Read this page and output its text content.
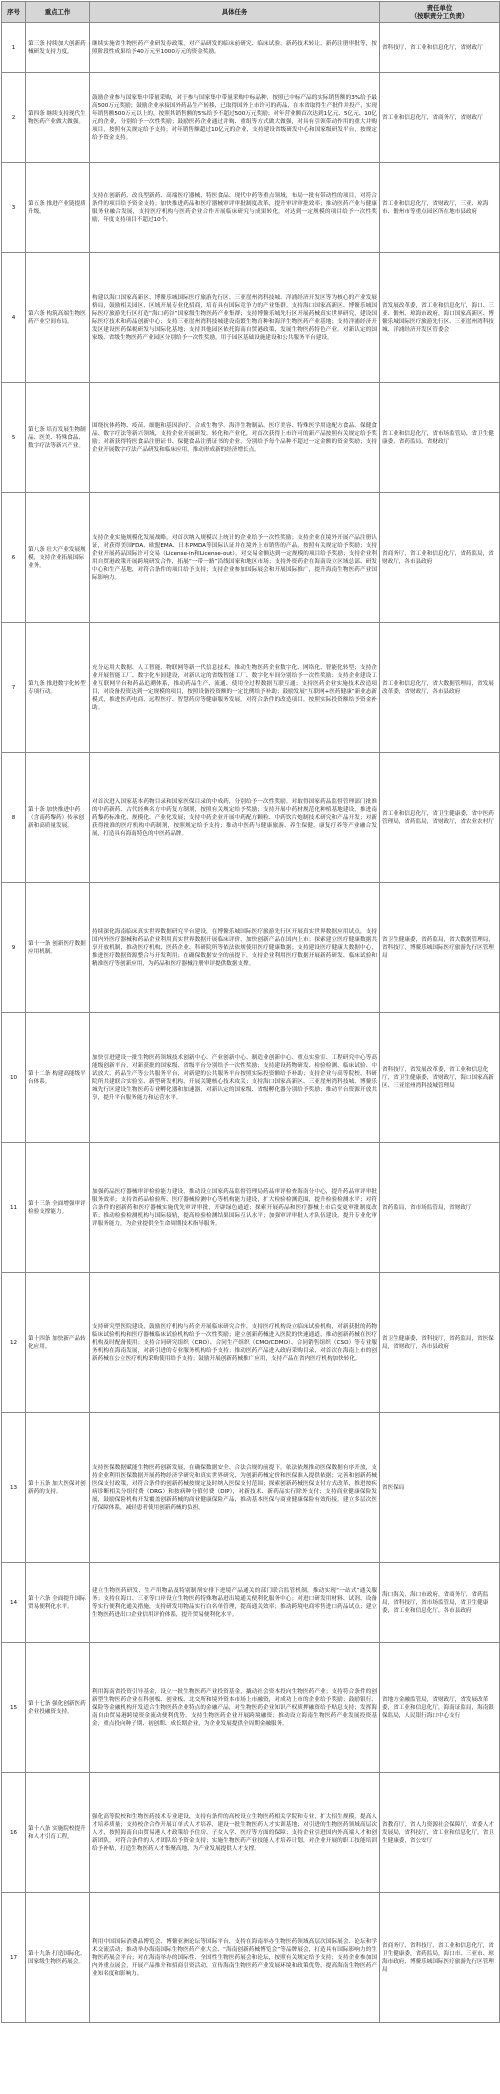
序号	重点工作	具体任务	责任单位
（按职责分工负责）

1	第三条 持续加大创新药械研发支持力度。	继续实施省生物医药产业研发券政策，对产品研发的临床前研究、临床试验、新药技术转让、新药注册审批等，按照阶段性成果给予40万元至1000万元的资金奖励。	省科技厅，省工业和信息化厅，省财政厅
2	第四条 继续支持现代生物医药产业做大做强。	鼓励企业参与国家集中带量采购，对于参与国家集中带量采购中标品种，按照已中标产品的实际销售额的3%给予最高500万元奖励；鼓励企业承接国外药品生产转移，已取得国外上市许可的药品，在本省取得生产批件并投产，实现年销售额500万元以上的，按照其销售额的5%给予不超过500万元奖励；对年营业额首次达到1亿元、5亿元、10亿元的企业，分别给予一次性奖励；鼓励医药企业通过并购、重组等方式做大做强，对具有引领带动作用的重大并购项目，按照有关规定给予支持；对年销售额超过10亿元的企业，支持建设省级研发中心和国家级研发平台，按规定给予资金支持。	省工业和信息化厅，省商务厅，省财政厅
3	第五条 推进产业链提质升级。	支持在创新药、改良型新药、高端医疗器械、特医食品、现代中药等重点领域，布局一批有带动性的项目，对符合条件的项目给予资金支持；加快推进药品和医疗器械审评审批制度改革，提升审评审批效率；推动医药产业与健康服务业融合发展，支持医疗机构与医药企业合作开展临床研究与成果转化。对达到一定规模的项目给予一次性奖励，年度支持项目不超过10个。	省工业和信息化厅，省财政厅，三亚、琼海市、儋州市等重点园区所在地市县政府
4	第六条 构筑高端生物医药产业空间布局。	构建以海口国家高新区、博鳌乐城国际医疗旅游先行区、三亚崖州湾科技城、洋浦经济开发区等为核心的产业发展格局，鼓励相关园区、区域开展专业化招商，培育具有国际竞争力的产业集群。支持海口国家高新区、博鳌乐城国际医疗旅游先行区打造“海口药谷”国家级生物医药产业集群；支持博鳌乐城先行区开展药械真实世界研究，建设国际医疗技术和药品创新中心；支持三亚崖州湾科技城建设南繁生物育种和海洋生物医药产业基地；支持洋浦经济开发区建设医药保税研发与国际化基地；支持其他园区依托海南自贸港政策，发展生物医药特色产业。对新认定的国家级、省级生物医药产业园区分别给予一次性奖励，用于园区基础设施建设和公共服务平台建设。	省发展改革委，省工业和信息化厅，海口、三亚、儋州、琼海市政府，海口国家高新区、博鳌乐城国际医疗旅游先行区、三亚崖州湾科技城、洋浦经济开发区管委会
5	第七条 培育发展生物制品、医美、特殊食品、数字疗法等新兴产业。	围绕抗体药物、疫苗、细胞和基因治疗、合成生物学、海洋生物制品、医疗美容、特殊医学用途配方食品、保健食品、数字疗法等新兴领域，支持企业开展研发、转化和产业化，对首次获得上市许可的新产品按照有关规定给予奖励；对新获得特医食品注册证书、保健食品注册证书的企业，分别给予每个品种不超过一定金额的资金奖励；支持企业开展数字疗法产品研发和临床应用，推动形成新的经济增长点。	省工业和信息化厅，省市场监管局，省卫生健康委，省药监局，省财政厅
6	第八条 壮大产业发展规模，支持企业拓展国际业务。	支持企业实施规模化发展战略，对首次纳入规模以上统计的企业给予一次性奖励；支持企业在境外开展产品注册认证，对获得美国FDA、欧盟EMA、日本PMDA等国际认证并在境外上市销售的产品，按照有关规定给予奖励；支持企业开展药品国际许可交易（License-in和License-out），对交易金额达到一定规模的项目给予奖励；支持企业利用自贸港政策开展跨境研发合作，拓展“一带一路”沿线国家和地区市场；支持外资药企在海南设立区域总部、研发中心和生产基地，对符合条件的项目给予支持；支持企业参加国际展会和开展国际推广，提升海南生物医药产业国际影响力。	省商务厅，省工业和信息化厅，省药监局，省财政厅，各市县政府
7	第九条 推进数字化转型专项行动。	充分运用大数据、人工智能、物联网等新一代信息技术，推动生物医药企业数字化、网络化、智能化转型；支持企业开展智能工厂、数字化车间建设，对新认定的省级智能工厂、数字化车间分别给予一次性奖励；支持企业建设工业互联网平台和药品追溯体系，推动药品生产、流通、使用全过程数据互联互通；支持医药企业实施技术改造项目，对设备投资达到一定规模的项目，按照设备投资额的一定比例给予补助；鼓励发展“互联网+医药健康”新业态新模式，推进医药电商、远程医疗、智慧药房等健康服务发展。对符合条件的改造项目，按照实际投资额给予资金补助。	省工业和信息化厅，省大数据管理局，省发展改革委，省财政厅，各市县政府
8	第十条 加快推进中药（含南药黎药）传承创新和高质量发展。	对首次进入国家基本药物目录和国家医保目录的中成药，分别给予一次性奖励。对取得国家药品监督管理部门批准的中药新药、古代经典名方中药复方制剂，按照有关规定给予奖励；支持开展中药材规范化种植基地建设，推进南药黎药标准化、规模化、产业化发展；支持中药企业开展中药配方颗粒、中药饮片炮制技术研究和产品开发；对新获得批准的医疗机构中药制剂，按照规定给予支持；推动中医药与健康旅游、养生保健、康复疗养等产业融合发展，打造具有海南特色的中医药品牌。	省工业和信息化厅，省卫生健康委，省中医药管理局，省药监局，省财政厅，省农业农村厅
9	第十一条 创新医疗数据应用机制。	持续深化海南临床真实世界数据研究平台建设，在博鳌乐城国际医疗旅游先行区开展真实世界数据应用试点，支持国内外医疗器械和药品企业利用真实世界数据开展临床评价，加快创新产品在国内上市；探索建立医疗健康数据共享开放机制，推动医疗机构、医药企业、科研院所等依法依规使用医疗健康数据；支持建设医疗健康大数据中心，推进医疗数据资源整合与开发利用；在确保数据安全的前提下，支持企业利用医疗数据开展新药研发、临床试验和精准医疗等创新应用，为药品和医疗器械注册审评提供数据支撑。	省卫生健康委，省药监局，省大数据管理局，省科技厅，博鳌乐城国际医疗旅游先行区管理局
10	第十二条 构建高能级平台体系。	加快引进建设一批生物医药领域技术创新中心、产业创新中心、制造业创新中心、重点实验室、工程研究中心等高能级创新平台，对新获批的国家级、省级平台分别给予一次性奖励；支持建设药物研发、检验检测、临床试验、中试放大、药品生产等公共服务平台，对新建的公共服务平台按照实际投资额给予补助；支持企业与高等院校、科研院所共建联合实验室、新型研发机构，开展关键核心技术攻关；支持海口国家高新区、三亚崖州湾科技城、博鳌乐城先行区建设生物医药专业孵化器和加速器，对新认定的国家级、省级孵化器分别给予奖励；推动平台资源开放共享，提升平台服务能力和运营水平。	省科技厅，省发展改革委，省工业和信息化厅，省卫生健康委，省财政厅，海口国家高新区、三亚崖州湾科技城管理局
11	第十三条 全面增强审评检验支撑能力。	加强药品医疗器械审评检验能力建设，推动设立国家药品监督管理局药品审评检查海南分中心，提升药品审评审批服务效率；支持省药品检验所、医疗器械检测中心等机构能力建设，扩大检验检测范围，提升检验检测水平；对符合条件的创新药和医疗器械实施优先审评审批，开辟绿色通道；探索开展药品和医疗器械上市后变更审批制度改革；推动检验检测机构与国际接轨，提高检验检测结果国际互认水平；加强审评审批人才队伍建设，提升专业化审评服务能力，为企业提供全生命周期技术指导服务。	省药监局，省市场监管局，省财政厅
12	第十四条 加快新产品转化应用。	支持研究型医院建设，鼓励医疗机构与药企开展临床研究合作，支持医疗机构设立临床试验机构，对新获批的药物临床试验机构和医疗器械临床试验机构给予一次性奖励；建立创新药械进入医院的快速通道，推动创新药械在医疗机构及时配备使用；支持合同研究组织（CRO）、合同生产组织（CMO/CDMO）、合同销售组织（CSO）等专业服务机构在海南发展，对新引进的专业服务机构给予支持；推动医药产品进入政府采购目录，对首次在海南上市的创新药械在公立医疗机构采购使用给予支持；鼓励开展创新药械推广应用，支持产品在省内医疗机构加快转化。	省卫生健康委，省科技厅，省药监局，省医保局，省财政厅，各市县政府
13	第十五条 加大医保对创新药的支持。	支持医保数据赋能生物医药创新发展，在确保数据安全、合法合规的前提下，依法依规推动医保数据有序开放，支持企业利用医保数据开展药物经济学研究和真实世界研究，为创新药械定价和医保准入提供依据；完善和创新药械医保支付政策，对符合条件的创新药械按规定及时纳入医保支付范围；探索创新药械医保支付方式改革，推进按疾病诊断相关分组付费（DRG）和按病种分值付费（DIP），对新技术、新药品实行除外支付；支持商业健康保险发展，鼓励保险机构开发覆盖创新药械的商业健康保险产品，推动基本医保与商业健康保险有效衔接，建立多层次医疗保障体系，减轻患者使用创新药械的负担。	省医保局
14	第十六条 全面提升国际贸易便利化水平。	建立生物医药研发、生产用物品及特别制剂安排下进境产品通关的部门联合监管机制，推动实现“一站式”通关服务；支持在海口、三亚等口岸设立生物医药特殊物品进出境通关便利化服务中心；对进口研发用材料、试剂、设备等实行便利化通关措施，支持研发用物品实行白名单管理，提高通关效率；推动跨境电商零售进口药品试点；建立生物医药进出口企业信用评价体系，提升贸易便利化水平。	海口海关，海口市政府，省商务厅，省药监局，省科技厅，省市场监管局，省卫生健康委，省工业和信息化厅，各市县政府
15	第十七条 强化创新医药企业投融资支持。	利用海南省投资引导基金，设立一批生物医药产业投资基金，撬动社会资本投向生物医药产业；支持符合条件的创新型生物医药企业在科创板、创业板、北交所和境外资本市场上市融资，对成功上市的企业给予奖励；鼓励银行、保险等金融机构开发适合生物医药企业特点的金融产品，对生物医药企业知识产权质押融资给予贴息支持；发挥海南自由贸易港跨境资金流动便利优势，支持生物医药企业开展跨境融资；推动设立海南生物医药产业发展投资基金，重点投向种子期、初创期、成长期企业，为企业发展提供全周期金融服务。	省地方金融监管局，省财政厅，省发展改革委，省工业和信息化厅，海南证监局，海南银保监局，人民银行海口中心支行
16	第十八条 实施院校提升和人才引育工程。	强化高等院校和生物医药技术专业建设，支持有条件的高校设立生物医药相关学院和专业，扩大招生规模，提高人才培养质量；支持校企合作开展订单式人才培养，建设一批生物医药人才实训基地；对引进的生物医药领域高层次人才，按照海南自由贸易港人才政策给予住房、子女入学、医疗等方面的保障；支持企业引进国内外高端人才和创新团队，对符合条件的人才团队给予资金支持；实施生物医药产业技能人才培养计划，对企业开展的职工技能培训给予补贴，打造生物医药人才集聚高地，为产业发展提供人才支撑。	省教育厅，省人力资源社会保障厅，省委人才发展局，省科技厅，省工业和信息化厅，省卫生健康委，省公安厅
17	第十九条 打造国际化、国家级生物医药展会。	利用中国国际消费品博览会、博鳌亚洲论坛等国际平台，支持在海南举办生物医药领域高层次国际展会、论坛和学术交流活动；推动举办海南国际生物医药产业大会、“海南创新药械博览会”等品牌展会，打造具有国际影响力的生物医药展会平台；对在海南举办的国际性、全国性生物医药展会和论坛，按照有关规定给予支持；支持企业参加国内外重点展会，开展产品推介和招商引资活动，宣传海南生物医药产业发展环境和政策优势，提高海南生物医药产业知名度和影响力。	省商务厅，省科技厅，省工业和信息化厅，省卫生健康委，省药监局，海口市、三亚市、琼海市政府，博鳌乐城国际医疗旅游先行区管理局
